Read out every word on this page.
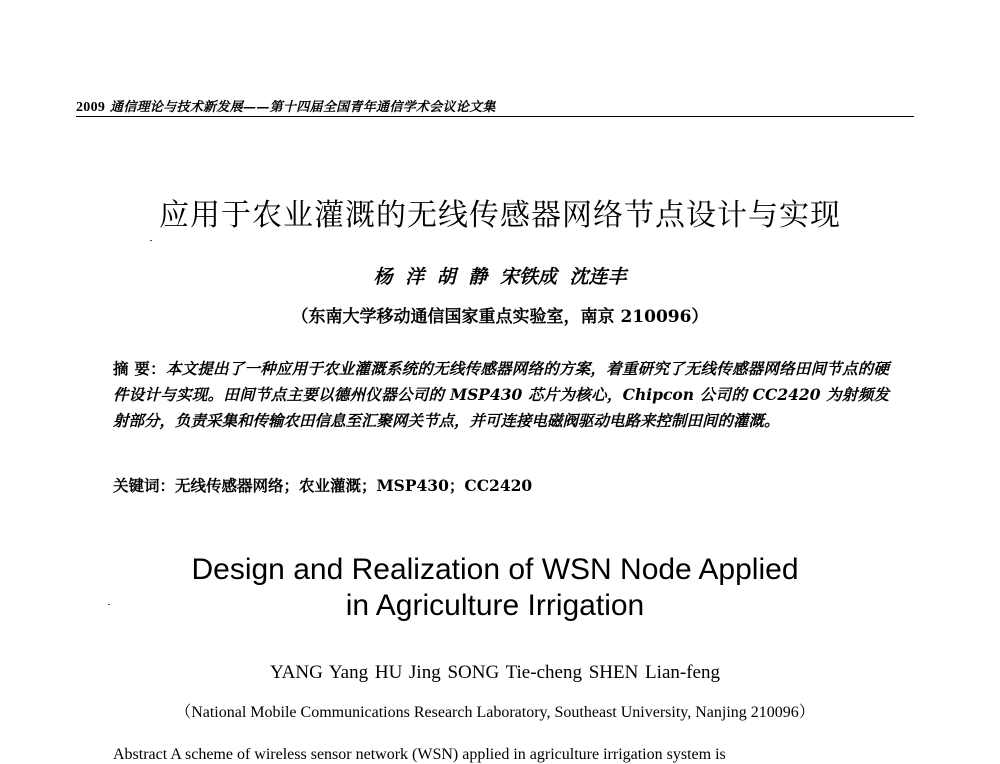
2009 通信理论与技术新发展——第十四届全国青年通信学术会议论文集
应用于农业灌溉的无线传感器网络节点设计与实现
杨 洋 胡 静 宋铁成 沈连丰
（东南大学移动通信国家重点实验室，南京 210096）

摘 要：本文提出了一种应用于农业灌溉系统的无线传感器网络的方案，着重研究了无线传感器网络田间节点的硬件设计与实现。田间节点主要以德州仪器公司的 MSP430 芯片为核心，Chipcon 公司的 CC2420 为射频发射部分，负责采集和传输农田信息至汇聚网关节点，并可连接电磁阀驱动电路来控制田间的灌溉。

关键词：无线传感器网络；农业灌溉；MSP430；CC2420
Design and Realization of WSN Node Applied
in Agriculture Irrigation
YANG Yang HU Jing SONG Tie-cheng SHEN Lian-feng
（National Mobile Communications Research Laboratory, Southeast University, Nanjing 210096）
Abstract A scheme of wireless sensor network (WSN) applied in agriculture irrigation system is
